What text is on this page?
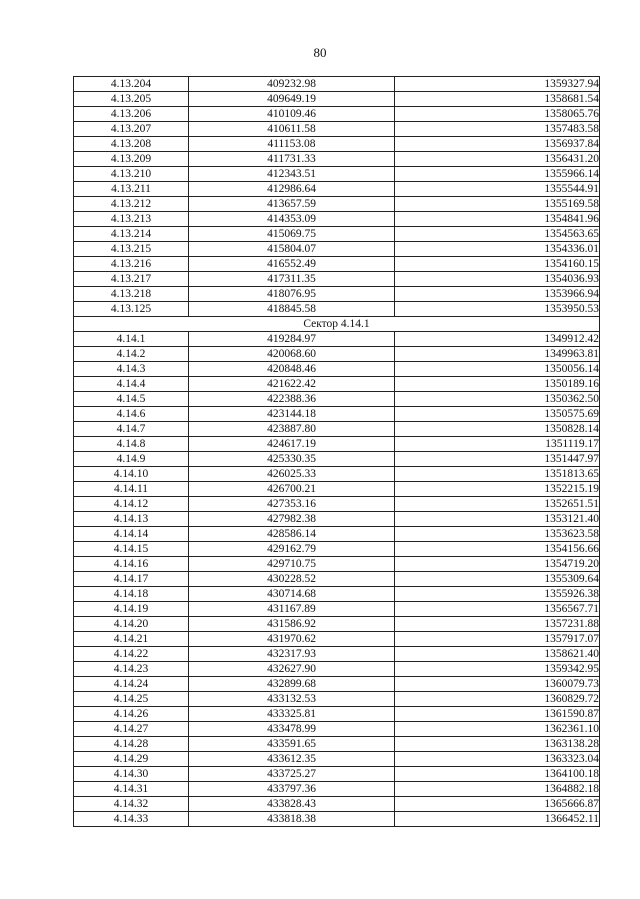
80
4.13.204	409232.98	1359327.94
4.13.205	409649.19	1358681.54
4.13.206	410109.46	1358065.76
4.13.207	410611.58	1357483.58
4.13.208	411153.08	1356937.84
4.13.209	411731.33	1356431.20
4.13.210	412343.51	1355966.14
4.13.211	412986.64	1355544.91
4.13.212	413657.59	1355169.58
4.13.213	414353.09	1354841.96
4.13.214	415069.75	1354563.65
4.13.215	415804.07	1354336.01
4.13.216	416552.49	1354160.15
4.13.217	417311.35	1354036.93
4.13.218	418076.95	1353966.94
4.13.125	418845.58	1353950.53
Сектор 4.14.1		
4.14.1	419284.97	1349912.42
4.14.2	420068.60	1349963.81
4.14.3	420848.46	1350056.14
4.14.4	421622.42	1350189.16
4.14.5	422388.36	1350362.50
4.14.6	423144.18	1350575.69
4.14.7	423887.80	1350828.14
4.14.8	424617.19	1351119.17
4.14.9	425330.35	1351447.97
4.14.10	426025.33	1351813.65
4.14.11	426700.21	1352215.19
4.14.12	427353.16	1352651.51
4.14.13	427982.38	1353121.40
4.14.14	428586.14	1353623.58
4.14.15	429162.79	1354156.66
4.14.16	429710.75	1354719.20
4.14.17	430228.52	1355309.64
4.14.18	430714.68	1355926.38
4.14.19	431167.89	1356567.71
4.14.20	431586.92	1357231.88
4.14.21	431970.62	1357917.07
4.14.22	432317.93	1358621.40
4.14.23	432627.90	1359342.95
4.14.24	432899.68	1360079.73
4.14.25	433132.53	1360829.72
4.14.26	433325.81	1361590.87
4.14.27	433478.99	1362361.10
4.14.28	433591.65	1363138.28
4.14.29	433612.35	1363323.04
4.14.30	433725.27	1364100.18
4.14.31	433797.36	1364882.18
4.14.32	433828.43	1365666.87
4.14.33	433818.38	1366452.11
